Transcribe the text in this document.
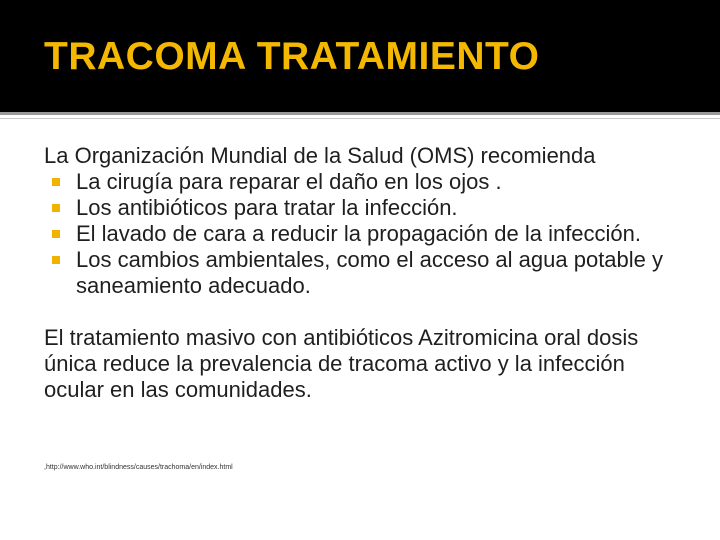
TRACOMA TRATAMIENTO

La Organización Mundial de la Salud (OMS) recomienda

La cirugía para reparar el daño en los ojos .
Los antibióticos para tratar la infección.
El lavado de cara a reducir la propagación de la infección.
Los cambios ambientales, como el acceso al agua potable y saneamiento adecuado.

El tratamiento masivo con antibióticos Azitromicina oral dosis única reduce la prevalencia de tracoma activo y la infección ocular en las comunidades.

,http://www.who.int/blindness/causes/trachoma/en/index.html
